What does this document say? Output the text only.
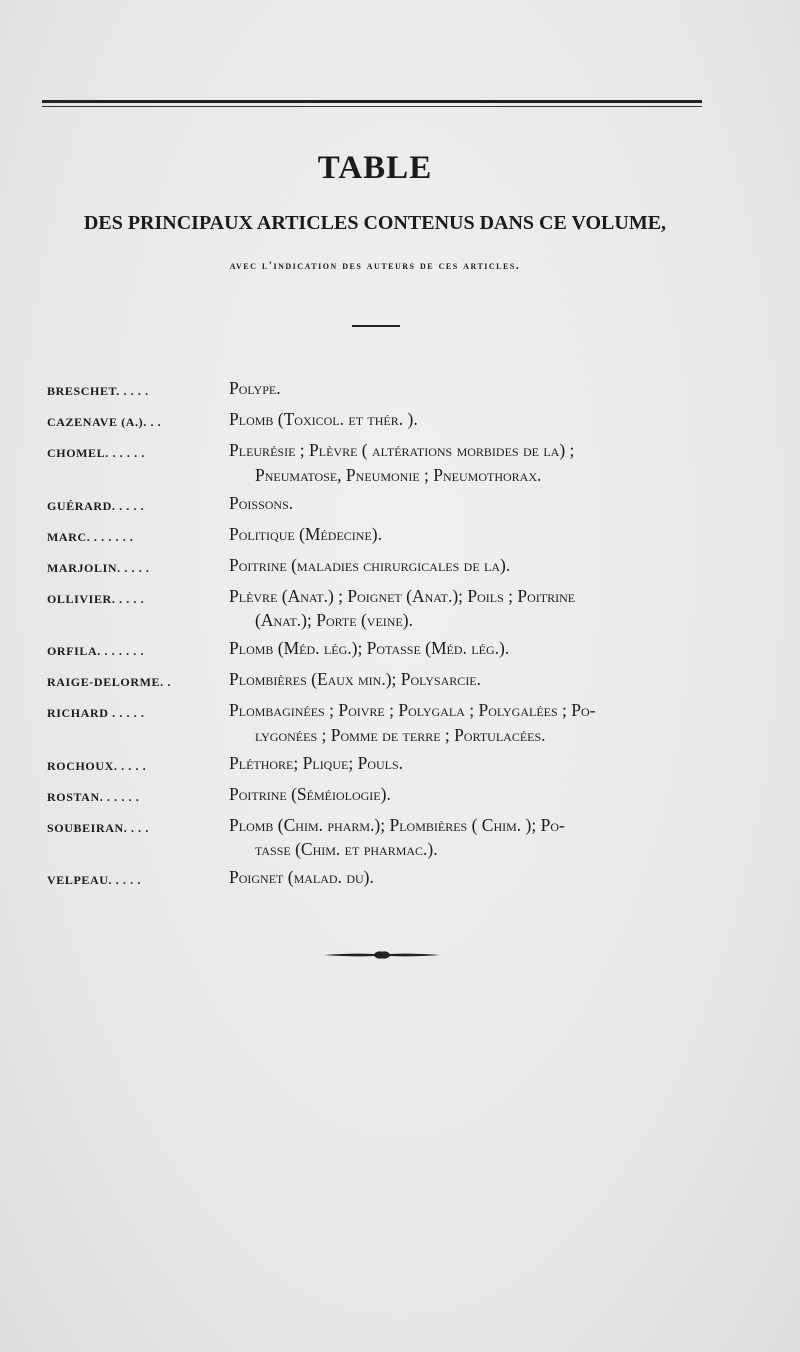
TABLE
DES PRINCIPAUX ARTICLES CONTENUS DANS CE VOLUME,
avec l'indication des auteurs de ces articles.
BRESCHET. . . . .	Polype.
CAZENAVE (A.). . .	Plomb (Toxicol. et thér. ).
CHOMEL. . . . . .	Pleurésie ; Plèvre ( altérations morbides de la) ;
Pneumatose, Pneumonie ; Pneumothorax.
GUÉRARD. . . . .	Poissons.
MARC. . . . . . .	Politique (Médecine).
MARJOLIN. . . . .	Poitrine (maladies chirurgicales de la).
OLLIVIER. . . . .	Plèvre (Anat.) ; Poignet (Anat.); Poils ; Poitrine
(Anat.); Porte (veine).
ORFILA. . . . . . .	Plomb (Méd. lég.); Potasse (Méd. lég.).
RAIGE-DELORME. .	Plombières (Eaux min.); Polysarcie.
RICHARD . . . . .	Plombaginées ; Poivre ; Polygala ; Polygalées ; Po-
lygonées ; Pomme de terre ; Portulacées.
ROCHOUX. . . . .	Pléthore; Plique; Pouls.
ROSTAN. . . . . .	Poitrine (Séméiologie).
SOUBEIRAN. . . .	Plomb (Chim. pharm.); Plombières ( Chim. ); Po-
tasse (Chim. et pharmac.).
VELPEAU. . . . .	Poignet (malad. du).
